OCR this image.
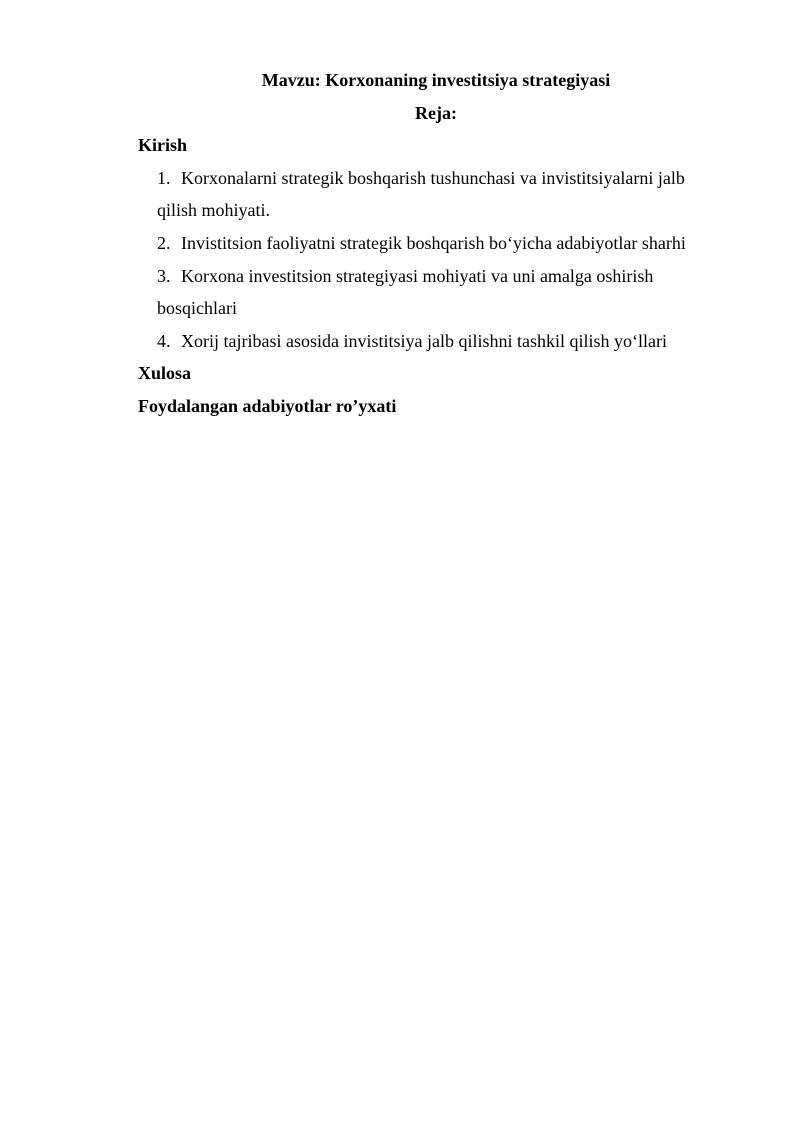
Mavzu: Korxonaning investitsiya strategiyasi
Reja:
Kirish
1. Korxonalarni strategik boshqarish tushunchasi va invistitsiyalarni jalb qilish mohiyati.
2. Invistitsion faoliyatni strategik boshqarish bo‘yicha adabiyotlar sharhi
3. Korxona investitsion strategiyasi mohiyati va uni amalga oshirish bosqichlari
4. Xorij tajribasi asosida invistitsiya jalb qilishni tashkil qilish yo‘llari
Xulosa
Foydalangan adabiyotlar ro’yxati
